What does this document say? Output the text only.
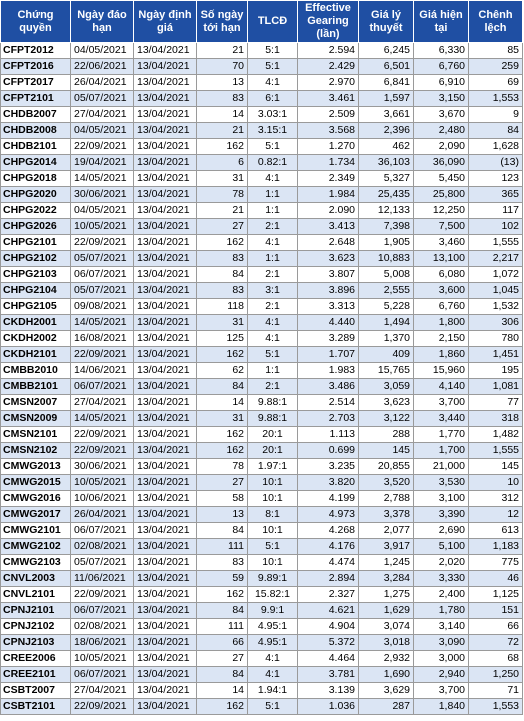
Chứng quyền	Ngày đáo hạn	Ngày định giá	Số ngày tới hạn	TLCĐ	Effective Gearing (lần)	Giá lý thuyết	Giá hiện tại	Chênh lệch
CFPT2012	04/05/2021	13/04/2021	21	5:1	2.594	6,245	6,330	85
CFPT2016	22/06/2021	13/04/2021	70	5:1	2.429	6,501	6,760	259
CFPT2017	26/04/2021	13/04/2021	13	4:1	2.970	6,841	6,910	69
CFPT2101	05/07/2021	13/04/2021	83	6:1	3.461	1,597	3,150	1,553
CHDB2007	27/04/2021	13/04/2021	14	3.03:1	2.509	3,661	3,670	9
CHDB2008	04/05/2021	13/04/2021	21	3.15:1	3.568	2,396	2,480	84
CHDB2101	22/09/2021	13/04/2021	162	5:1	1.270	462	2,090	1,628
CHPG2014	19/04/2021	13/04/2021	6	0.82:1	1.734	36,103	36,090	(13)
CHPG2018	14/05/2021	13/04/2021	31	4:1	2.349	5,327	5,450	123
CHPG2020	30/06/2021	13/04/2021	78	1:1	1.984	25,435	25,800	365
CHPG2022	04/05/2021	13/04/2021	21	1:1	2.090	12,133	12,250	117
CHPG2026	10/05/2021	13/04/2021	27	2:1	3.413	7,398	7,500	102
CHPG2101	22/09/2021	13/04/2021	162	4:1	2.648	1,905	3,460	1,555
CHPG2102	05/07/2021	13/04/2021	83	1:1	3.623	10,883	13,100	2,217
CHPG2103	06/07/2021	13/04/2021	84	2:1	3.807	5,008	6,080	1,072
CHPG2104	05/07/2021	13/04/2021	83	3:1	3.896	2,555	3,600	1,045
CHPG2105	09/08/2021	13/04/2021	118	2:1	3.313	5,228	6,760	1,532
CKDH2001	14/05/2021	13/04/2021	31	4:1	4.440	1,494	1,800	306
CKDH2002	16/08/2021	13/04/2021	125	4:1	3.289	1,370	2,150	780
CKDH2101	22/09/2021	13/04/2021	162	5:1	1.707	409	1,860	1,451
CMBB2010	14/06/2021	13/04/2021	62	1:1	1.983	15,765	15,960	195
CMBB2101	06/07/2021	13/04/2021	84	2:1	3.486	3,059	4,140	1,081
CMSN2007	27/04/2021	13/04/2021	14	9.88:1	2.514	3,623	3,700	77
CMSN2009	14/05/2021	13/04/2021	31	9.88:1	2.703	3,122	3,440	318
CMSN2101	22/09/2021	13/04/2021	162	20:1	1.113	288	1,770	1,482
CMSN2102	22/09/2021	13/04/2021	162	20:1	0.699	145	1,700	1,555
CMWG2013	30/06/2021	13/04/2021	78	1.97:1	3.235	20,855	21,000	145
CMWG2015	10/05/2021	13/04/2021	27	10:1	3.820	3,520	3,530	10
CMWG2016	10/06/2021	13/04/2021	58	10:1	4.199	2,788	3,100	312
CMWG2017	26/04/2021	13/04/2021	13	8:1	4.973	3,378	3,390	12
CMWG2101	06/07/2021	13/04/2021	84	10:1	4.268	2,077	2,690	613
CMWG2102	02/08/2021	13/04/2021	111	5:1	4.176	3,917	5,100	1,183
CMWG2103	05/07/2021	13/04/2021	83	10:1	4.474	1,245	2,020	775
CNVL2003	11/06/2021	13/04/2021	59	9.89:1	2.894	3,284	3,330	46
CNVL2101	22/09/2021	13/04/2021	162	15.82:1	2.327	1,275	2,400	1,125
CPNJ2101	06/07/2021	13/04/2021	84	9.9:1	4.621	1,629	1,780	151
CPNJ2102	02/08/2021	13/04/2021	111	4.95:1	4.904	3,074	3,140	66
CPNJ2103	18/06/2021	13/04/2021	66	4.95:1	5.372	3,018	3,090	72
CREE2006	10/05/2021	13/04/2021	27	4:1	4.464	2,932	3,000	68
CREE2101	06/07/2021	13/04/2021	84	4:1	3.781	1,690	2,940	1,250
CSBT2007	27/04/2021	13/04/2021	14	1.94:1	3.139	3,629	3,700	71
CSBT2101	22/09/2021	13/04/2021	162	5:1	1.036	287	1,840	1,553
